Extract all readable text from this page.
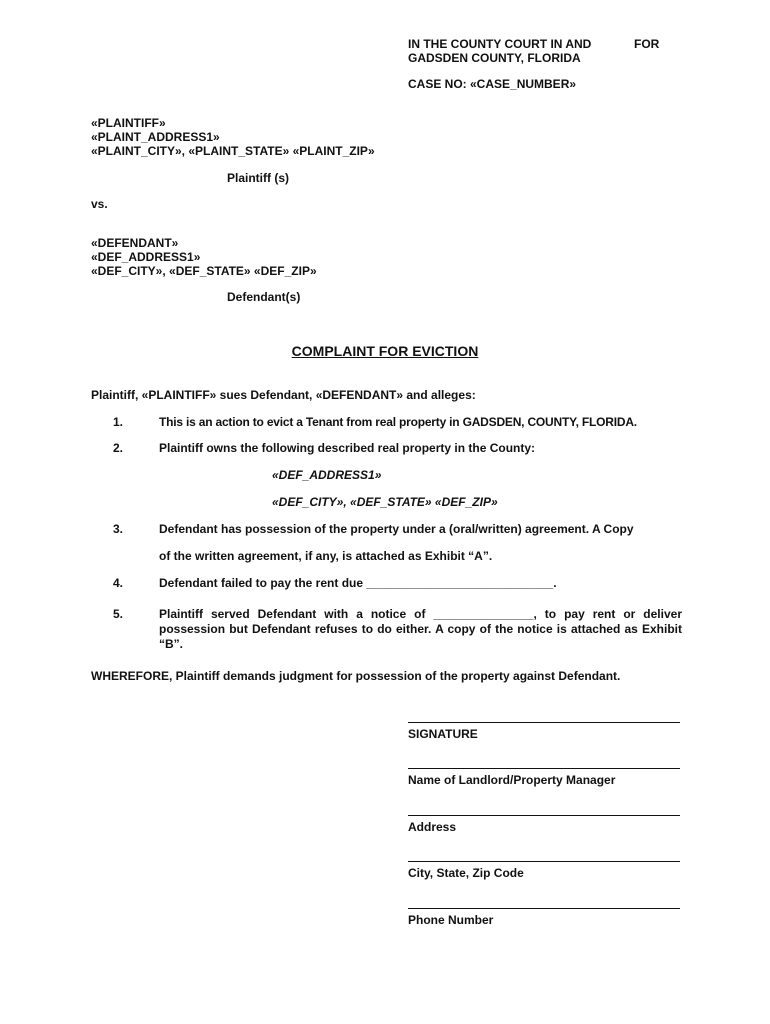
IN THE COUNTY COURT IN AND	FOR
GADSDEN COUNTY, FLORIDA
CASE NO: «CASE_NUMBER»
«PLAINTIFF»
«PLAINT_ADDRESS1»
«PLAINT_CITY», «PLAINT_STATE» «PLAINT_ZIP»
Plaintiff (s)
vs.
«DEFENDANT»
«DEF_ADDRESS1»
«DEF_CITY», «DEF_STATE» «DEF_ZIP»
Defendant(s)
COMPLAINT FOR EVICTION
Plaintiff, «PLAINTIFF» sues Defendant, «DEFENDANT» and alleges:
1.	This is an action to evict a Tenant from real property in GADSDEN, COUNTY, FLORIDA.
2.	Plaintiff owns the following described real property in the County:
«DEF_ADDRESS1»
«DEF_CITY», «DEF_STATE» «DEF_ZIP»
3.	Defendant has possession of the property under a (oral/written) agreement. A Copy
of the written agreement, if any, is attached as Exhibit “A”.
4.	Defendant failed to pay the rent due ____________________________.
5.	Plaintiff served Defendant with a notice of _______________, to pay rent or deliver possession but Defendant refuses to do either. A copy of the notice is attached as Exhibit “B”.
WHEREFORE, Plaintiff demands judgment for possession of the property against Defendant.
SIGNATURE
Name of Landlord/Property Manager
Address
City, State, Zip Code
Phone Number
